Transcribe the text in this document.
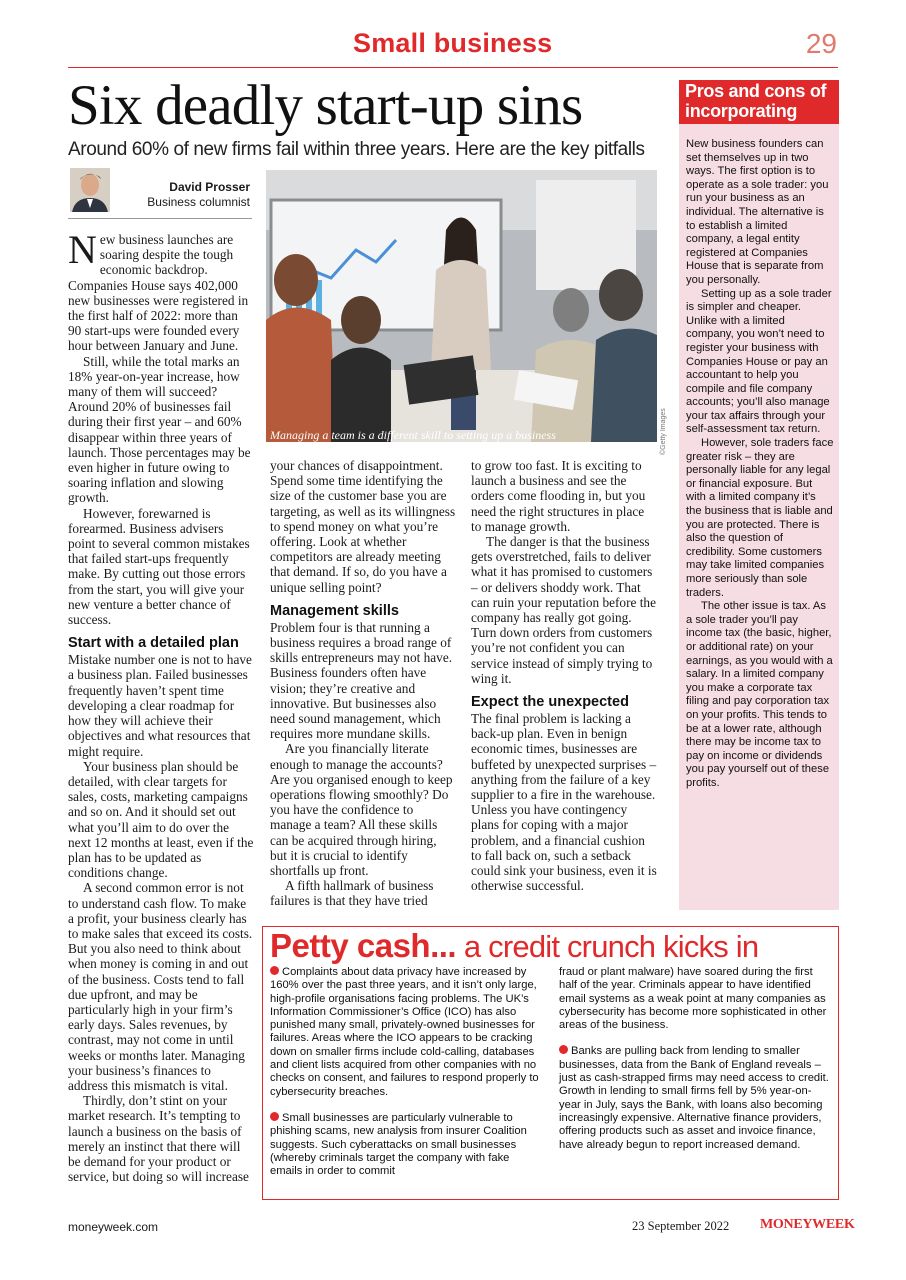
Small business	29
Six deadly start-up sins
Around 60% of new firms fail within three years. Here are the key pitfalls
David Prosser
Business columnist
Managing a team is a different skill to setting up a business	©Getty Images

New business launches are soaring despite the tough economic backdrop. Companies House says 402,000 new businesses were registered in the first half of 2022: more than 90 start-ups were founded every hour between January and June.

Still, while the total marks an 18% year-on-year increase, how many of them will succeed? Around 20% of businesses fail during their first year – and 60% disappear within three years of launch. Those percentages may be even higher in future owing to soaring inflation and slowing growth.

However, forewarned is forearmed. Business advisers point to several common mistakes that failed start-ups frequently make. By cutting out those errors from the start, you will give your new venture a better chance of success.

Start with a detailed plan

Mistake number one is not to have a business plan. Failed businesses frequently haven’t spent time developing a clear roadmap for how they will achieve their objectives and what resources that might require.

Your business plan should be detailed, with clear targets for sales, costs, marketing campaigns and so on. And it should set out what you’ll aim to do over the next 12 months at least, even if the plan has to be updated as conditions change.

A second common error is not to understand cash flow. To make a profit, your business clearly has to make sales that exceed its costs. But you also need to think about when money is coming in and out of the business. Costs tend to fall due upfront, and may be particularly high in your firm’s early days. Sales revenues, by contrast, may not come in until weeks or months later. Managing your business’s finances to address this mismatch is vital.

Thirdly, don’t stint on your market research. It’s tempting to launch a business on the basis of merely an instinct that there will be demand for your product or service, but doing so will increase

your chances of disappointment. Spend some time identifying the size of the customer base you are targeting, as well as its willingness to spend money on what you’re offering. Look at whether competitors are already meeting that demand. If so, do you have a unique selling point?

Management skills

Problem four is that running a business requires a broad range of skills entrepreneurs may not have. Business founders often have vision; they’re creative and innovative. But businesses also need sound management, which requires more mundane skills.

Are you financially literate enough to manage the accounts? Are you organised enough to keep operations flowing smoothly? Do you have the confidence to manage a team? All these skills can be acquired through hiring, but it is crucial to identify shortfalls up front.

A fifth hallmark of business failures is that they have tried

to grow too fast. It is exciting to launch a business and see the orders come flooding in, but you need the right structures in place to manage growth.

The danger is that the business gets overstretched, fails to deliver what it has promised to customers – or delivers shoddy work. That can ruin your reputation before the company has really got going. Turn down orders from customers you’re not confident you can service instead of simply trying to wing it.

Expect the unexpected

The final problem is lacking a back-up plan. Even in benign economic times, businesses are buffeted by unexpected surprises – anything from the failure of a key supplier to a fire in the warehouse. Unless you have contingency plans for coping with a major problem, and a financial cushion to fall back on, such a setback could sink your business, even it is otherwise successful.

Pros and cons of incorporating

New business founders can set themselves up in two ways. The first option is to operate as a sole trader: you run your business as an individual. The alternative is to establish a limited company, a legal entity registered at Companies House that is separate from you personally.

Setting up as a sole trader is simpler and cheaper. Unlike with a limited company, you won’t need to register your business with Companies House or pay an accountant to help you compile and file company accounts; you’ll also manage your tax affairs through your self-assessment tax return.

However, sole traders face greater risk – they are personally liable for any legal or financial exposure. But with a limited company it’s the business that is liable and you are protected. There is also the question of credibility. Some customers may take limited companies more seriously than sole traders.

The other issue is tax. As a sole trader you’ll pay income tax (the basic, higher, or additional rate) on your earnings, as you would with a salary. In a limited company you make a corporate tax filing and pay corporation tax on your profits. This tends to be at a lower rate, although there may be income tax to pay on income or dividends you pay yourself out of these profits.

Petty cash... a credit crunch kicks in

Complaints about data privacy have increased by 160% over the past three years, and it isn’t only large, high-profile organisations facing problems. The UK’s Information Commissioner’s Office (ICO) has also punished many small, privately-owned businesses for failures. Areas where the ICO appears to be cracking down on smaller firms include cold-calling, databases and client lists acquired from other companies with no checks on consent, and failures to respond properly to cybersecurity breaches.

Small businesses are particularly vulnerable to phishing scams, new analysis from insurer Coalition suggests. Such cyberattacks on small businesses (whereby criminals target the company with fake emails in order to commit

fraud or plant malware) have soared during the first half of the year. Criminals appear to have identified email systems as a weak point at many companies as cybersecurity has become more sophisticated in other areas of the business.

Banks are pulling back from lending to smaller businesses, data from the Bank of England reveals – just as cash-strapped firms may need access to credit. Growth in lending to small firms fell by 5% year-on-year in July, says the Bank, with loans also becoming increasingly expensive. Alternative finance providers, offering products such as asset and invoice finance, have already begun to report increased demand.

moneyweek.com	23 September 2022 MONEYWEEK
